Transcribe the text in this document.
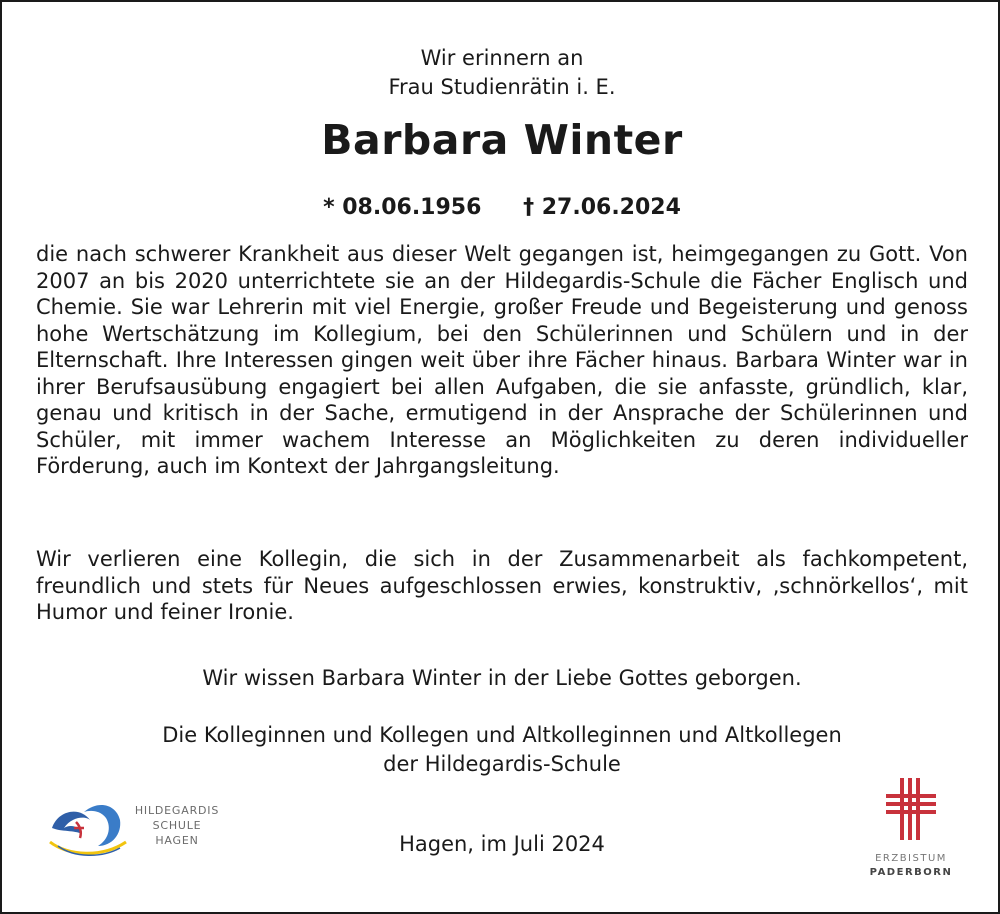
Wir erinnern an
Frau Studienrätin i. E.
Barbara Winter
* 08.06.1956 † 27.06.2024
die nach schwerer Krankheit aus dieser Welt gegangen ist, heimgegangen zu Gott. Von 2007 an bis 2020 unterrichtete sie an der Hildegardis-Schule die Fächer Englisch und Chemie. Sie war Lehrerin mit viel Energie, großer Freude und Begeisterung und genoss hohe Wertschätzung im Kollegium, bei den Schülerinnen und Schülern und in der Elternschaft. Ihre Interessen gingen weit über ihre Fächer hinaus. Barbara Winter war in ihrer Berufsausübung engagiert bei allen Aufgaben, die sie anfasste, gründlich, klar, genau und kritisch in der Sache, ermutigend in der Ansprache der Schülerinnen und Schüler, mit immer wachem Interesse an Möglichkeiten zu deren individueller Förderung, auch im Kontext der Jahrgangsleitung.
Wir verlieren eine Kollegin, die sich in der Zusammenarbeit als fachkompetent, freundlich und stets für Neues aufgeschlossen erwies, konstruktiv, ‚schnörkellos‘, mit Humor und feiner Ironie.
Wir wissen Barbara Winter in der Liebe Gottes geborgen.
Die Kolleginnen und Kollegen und Altkolleginnen und Altkollegen
der Hildegardis-Schule
Hagen, im Juli 2024
HILDEGARDIS
SCHULE
HAGEN
ERZBISTUM
PADERBORN
